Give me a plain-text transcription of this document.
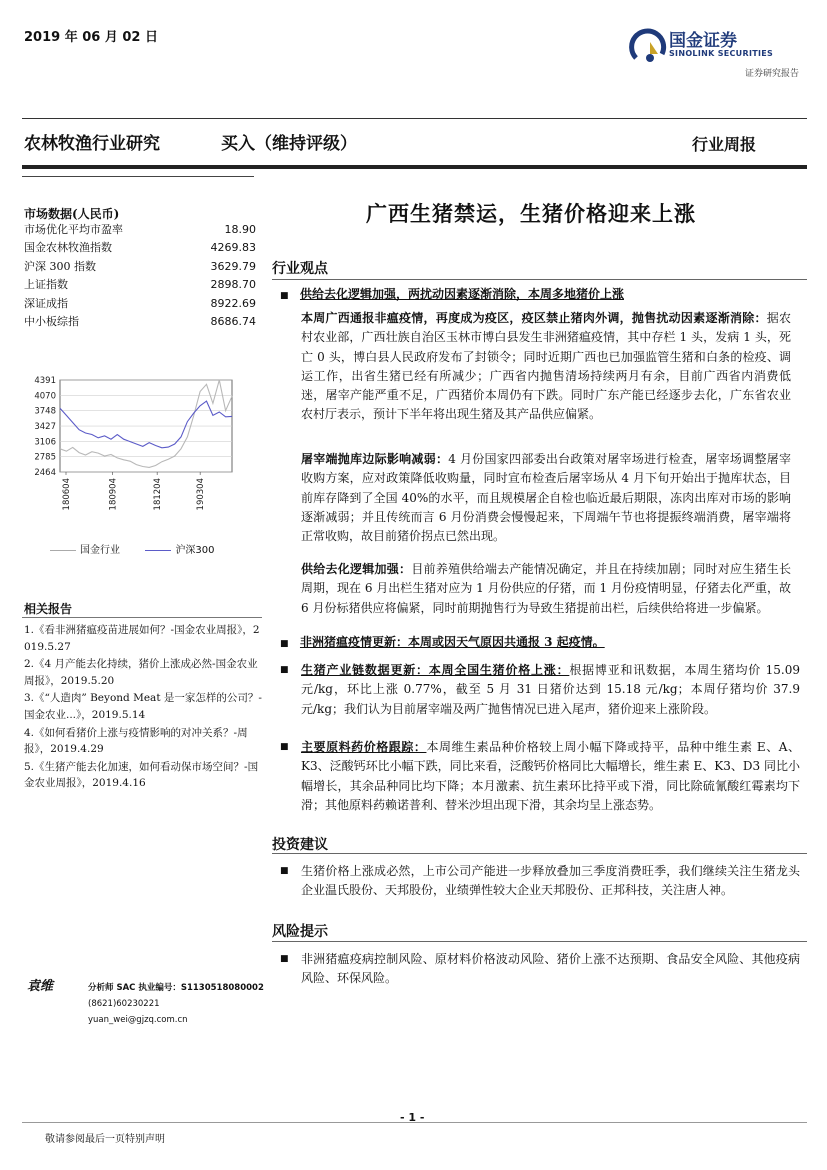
2019 年 06 月 02 日	国金证券
SINOLINK SECURITIES
证券研究报告
农林牧渔行业研究	买入（维持评级）	行业周报
市场数据(人民币)
市场优化平均市盈率	18.90
国金农林牧渔指数	4269.83
沪深 300 指数	3629.79
上证指数	2898.70
深证成指	8922.69
中小板综指	8686.74
4391
4070
3748
3427
3106
2785
2464
180604	180904	181204	190304
国金行业	沪深300
相关报告
1.《看非洲猪瘟疫苗进展如何？-国金农业周报》，2019.5.27
2.《4 月产能去化持续，猪价上涨成必然-国金农业周报》，2019.5.20
3.《“人造肉” Beyond Meat 是一家怎样的公司？-国金农业...》，2019.5.14
4.《如何看猪价上涨与疫情影响的对冲关系？-周报》，2019.4.29
5.《生猪产能去化加速，如何看动保市场空间？-国金农业周报》，2019.4.16
袁维	分析师 SAC 执业编号：S1130518080002
(8621)60230221
yuan_wei@gjzq.com.cn
广西生猪禁运，生猪价格迎来上涨
行业观点
■ 供给去化逻辑加强，两扰动因素逐渐消除，本周多地猪价上涨
本周广西通报非瘟疫情，再度成为疫区，疫区禁止猪肉外调，抛售扰动因素逐渐消除：据农村农业部，广西壮族自治区玉林市博白县发生非洲猪瘟疫情，其中存栏 1 头，发病 1 头，死亡 0 头，博白县人民政府发布了封锁令；同时近期广西也已加强监管生猪和白条的检疫、调运工作，出省生猪已经有所减少；广西省内抛售清场持续两月有余，目前广西省内消费低迷，屠宰产能严重不足，广西猪价本周仍有下跌。同时广东产能已经逐步去化，广东省农业农村厅表示，预计下半年将出现生猪及其产品供应偏紧。
屠宰端抛库边际影响减弱：4 月份国家四部委出台政策对屠宰场进行检查，屠宰场调整屠宰收购方案，应对政策降低收购量，同时宣布检查后屠宰场从 4 月下旬开始出于抛库状态，目前库存降到了全国 40%的水平，而且规模屠企自检也临近最后期限，冻肉出库对市场的影响逐渐减弱；并且传统而言 6 月份消费会慢慢起来，下周端午节也将提振终端消费，屠宰端将正常收购，故目前猪价拐点已然出现。
供给去化逻辑加强：目前养殖供给端去产能情况确定，并且在持续加剧；同时对应生猪生长周期，现在 6 月出栏生猪对应为 1 月份供应的仔猪，而 1 月份疫情明显，仔猪去化严重，故 6 月份标猪供应将偏紧，同时前期抛售行为导致生猪提前出栏，后续供给将进一步偏紧。
■ 非洲猪瘟疫情更新：本周或因天气原因共通报 3 起疫情。
■	生猪产业链数据更新：本周全国生猪价格上涨：根据博亚和讯数据，本周生猪均价 15.09 元/kg，环比上涨 0.77%，截至 5 月 31 日猪价达到 15.18 元/kg；本周仔猪均价 37.9 元/kg；我们认为目前屠宰端及两广抛售情况已进入尾声，猪价迎来上涨阶段。
■	主要原料药价格跟踪：本周维生素品种价格较上周小幅下降或持平，品种中维生素 E、A、K3、泛酸钙环比小幅下跌，同比来看，泛酸钙价格同比大幅增长，维生素 E、K3、D3 同比小幅增长，其余品种同比均下降；本月激素、抗生素环比持平或下滑，同比除硫氰酸红霉素均下滑；其他原料药赖诺普利、替米沙坦出现下滑，其余均呈上涨态势。
投资建议
■	生猪价格上涨成必然，上市公司产能进一步释放叠加三季度消费旺季，我们继续关注生猪龙头企业温氏股份、天邦股份，业绩弹性较大企业天邦股份、正邦科技，关注唐人神。
风险提示
■	非洲猪瘟疫病控制风险、原材料价格波动风险、猪价上涨不达预期、食品安全风险、其他疫病风险、环保风险。
- 1 -
敬请参阅最后一页特别声明
